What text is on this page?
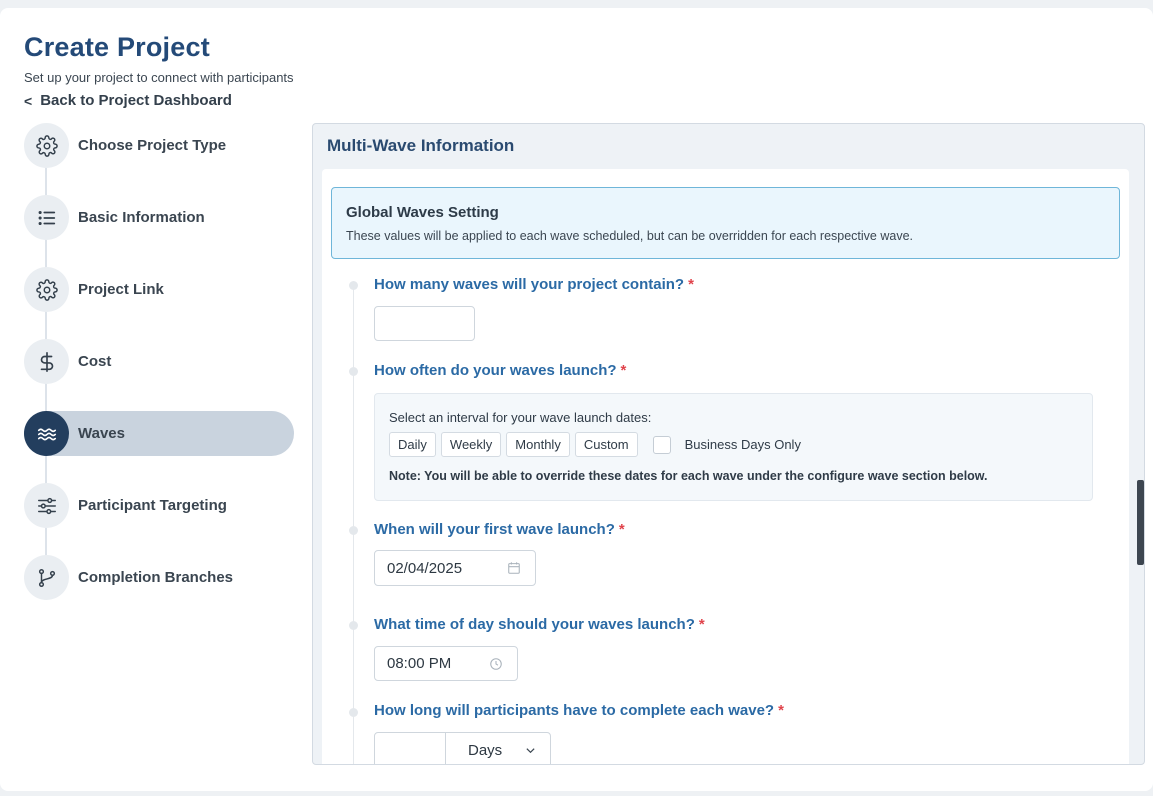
Create Project
Set up your project to connect with participants
< Back to Project Dashboard
Choose Project Type
Basic Information
Project Link
Cost
Waves
Participant Targeting
Completion Branches
Multi-Wave Information
Global Waves Setting
These values will be applied to each wave scheduled, but can be overridden for each respective wave.
How many waves will your project contain? *
How often do your waves launch? *
Select an interval for your wave launch dates:
Daily	Weekly	Monthly	Custom	Business Days Only
Note: You will be able to override these dates for each wave under the configure wave section below.
When will your first wave launch? *
02/04/2025
What time of day should your waves launch? *
08:00 PM
How long will participants have to complete each wave? *
Days
